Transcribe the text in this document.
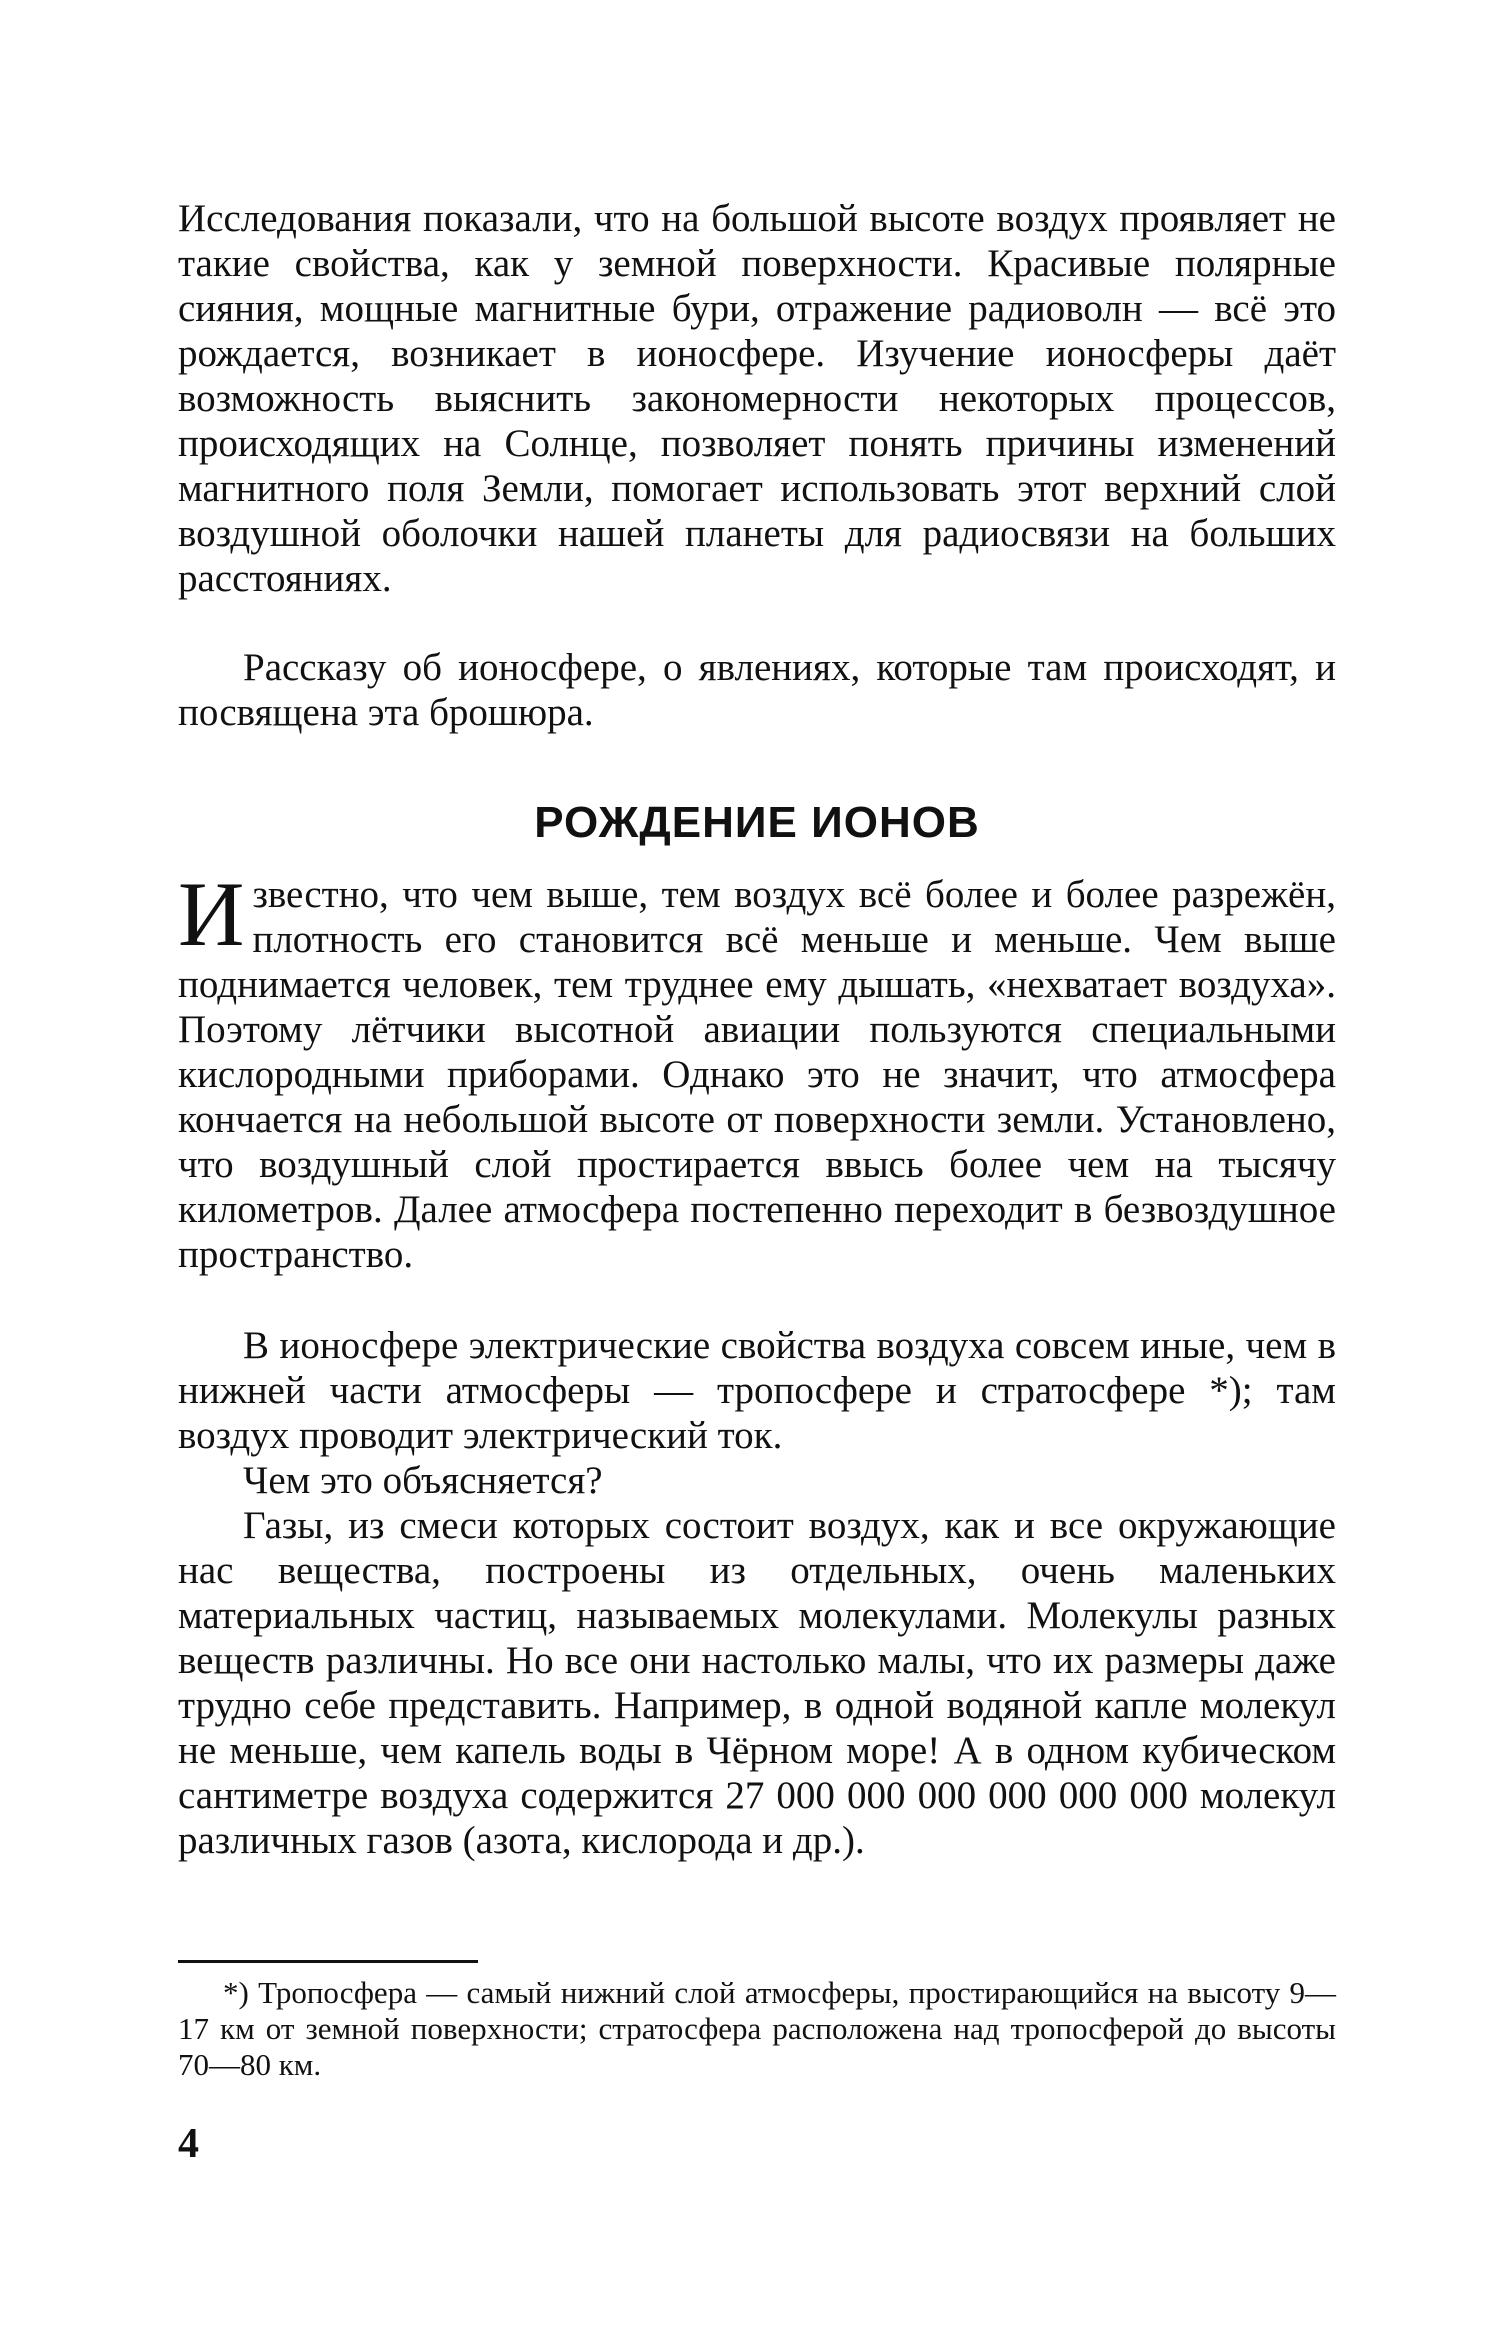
Исследования показали, что на большой высоте воздух проявляет не такие свойства, как у земной поверхности. Красивые полярные сияния, мощные магнитные бури, отражение радиоволн — всё это рождается, возникает в ионосфере. Изучение ионосферы даёт возможность выяснить закономерности некоторых процессов, происходящих на Солнце, позволяет понять причины изменений магнитного поля Земли, помогает использовать этот верхний слой воздушной оболочки нашей планеты для радиосвязи на больших расстояниях.

Рассказу об ионосфере, о явлениях, которые там происходят, и посвящена эта брошюра.

РОЖДЕНИЕ ИОНОВ

Известно, что чем выше, тем воздух всё более и более разрежён, плотность его становится всё меньше и меньше. Чем выше поднимается человек, тем труднее ему дышать, «нехватает воздуха». Поэтому лётчики высотной авиации пользуются специальными кислородными приборами. Однако это не значит, что атмосфера кончается на небольшой высоте от поверхности земли. Установлено, что воздушный слой простирается ввысь более чем на тысячу километров. Далее атмосфера постепенно переходит в безвоздушное пространство.

В ионосфере электрические свойства воздуха совсем иные, чем в нижней части атмосферы — тропосфере и стратосфере *); там воздух проводит электрический ток.

Чем это объясняется?

Газы, из смеси которых состоит воздух, как и все окружающие нас вещества, построены из отдельных, очень маленьких материальных частиц, называемых молекулами. Молекулы разных веществ различны. Но все они настолько малы, что их размеры даже трудно себе представить. Например, в одной водяной капле молекул не меньше, чем капель воды в Чёрном море! А в одном кубическом сантиметре воздуха содержится 27 000 000 000 000 000 000 молекул различных газов (азота, кислорода и др.).

*) Тропосфера — самый нижний слой атмосферы, простирающийся на высоту 9—17 км от земной поверхности; стратосфера расположена над тропосферой до высоты 70—80 км.

4
